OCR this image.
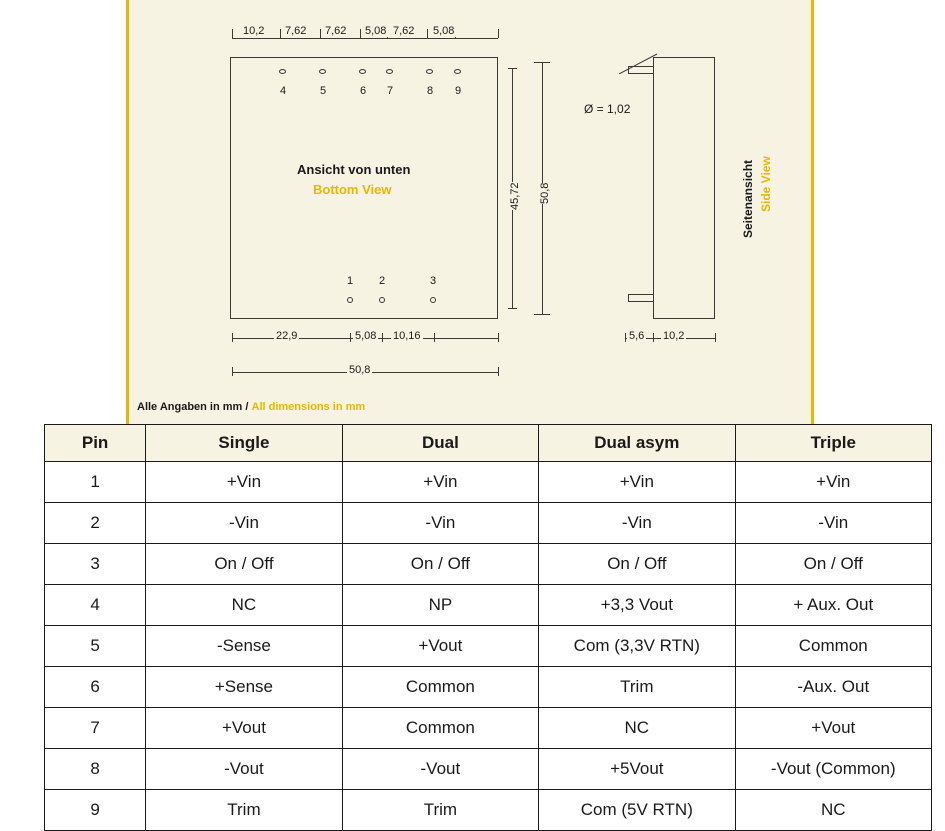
10,2 7,62 7,62 5,08 7,62 5,08
4	5	6	7	8	9
Ansicht von unten
Bottom View
1	2	3
45,72 50,8
22,9	5,08 10,16
50,8
Ø = 1,02
Seitenansicht Side View
5,6 10,2
Alle Angaben in mm / All dimensions in mm
Pin	Single	Dual	Dual asym	Triple
1	+Vin	+Vin	+Vin	+Vin
2	-Vin	-Vin	-Vin	-Vin
3	On / Off	On / Off	On / Off	On / Off
4	NC	NP	+3,3 Vout	+ Aux. Out
5	-Sense	+Vout	Com (3,3V RTN)	Common
6	+Sense	Common	Trim	-Aux. Out
7	+Vout	Common	NC	+Vout
8	-Vout	-Vout	+5Vout	-Vout (Common)
9	Trim	Trim	Com (5V RTN)	NC
